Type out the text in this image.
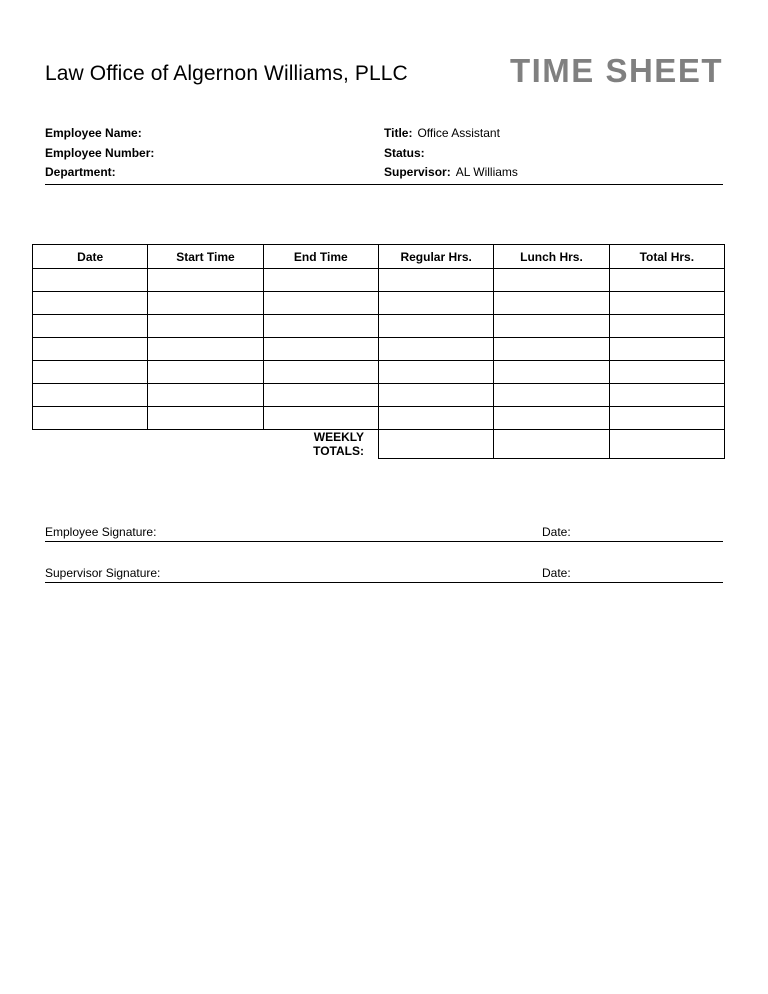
Law Office of Algernon Williams, PLLC	TIME SHEET
Employee Name:
Employee Number:
Department:
Title: Office Assistant
Status:
Supervisor: AL Williams
Date	Start Time	End Time	Regular Hrs.	Lunch Hrs.	Total Hrs.

		WEEKLY TOTALS:			
Employee Signature:	Date:
Supervisor Signature:	Date:
